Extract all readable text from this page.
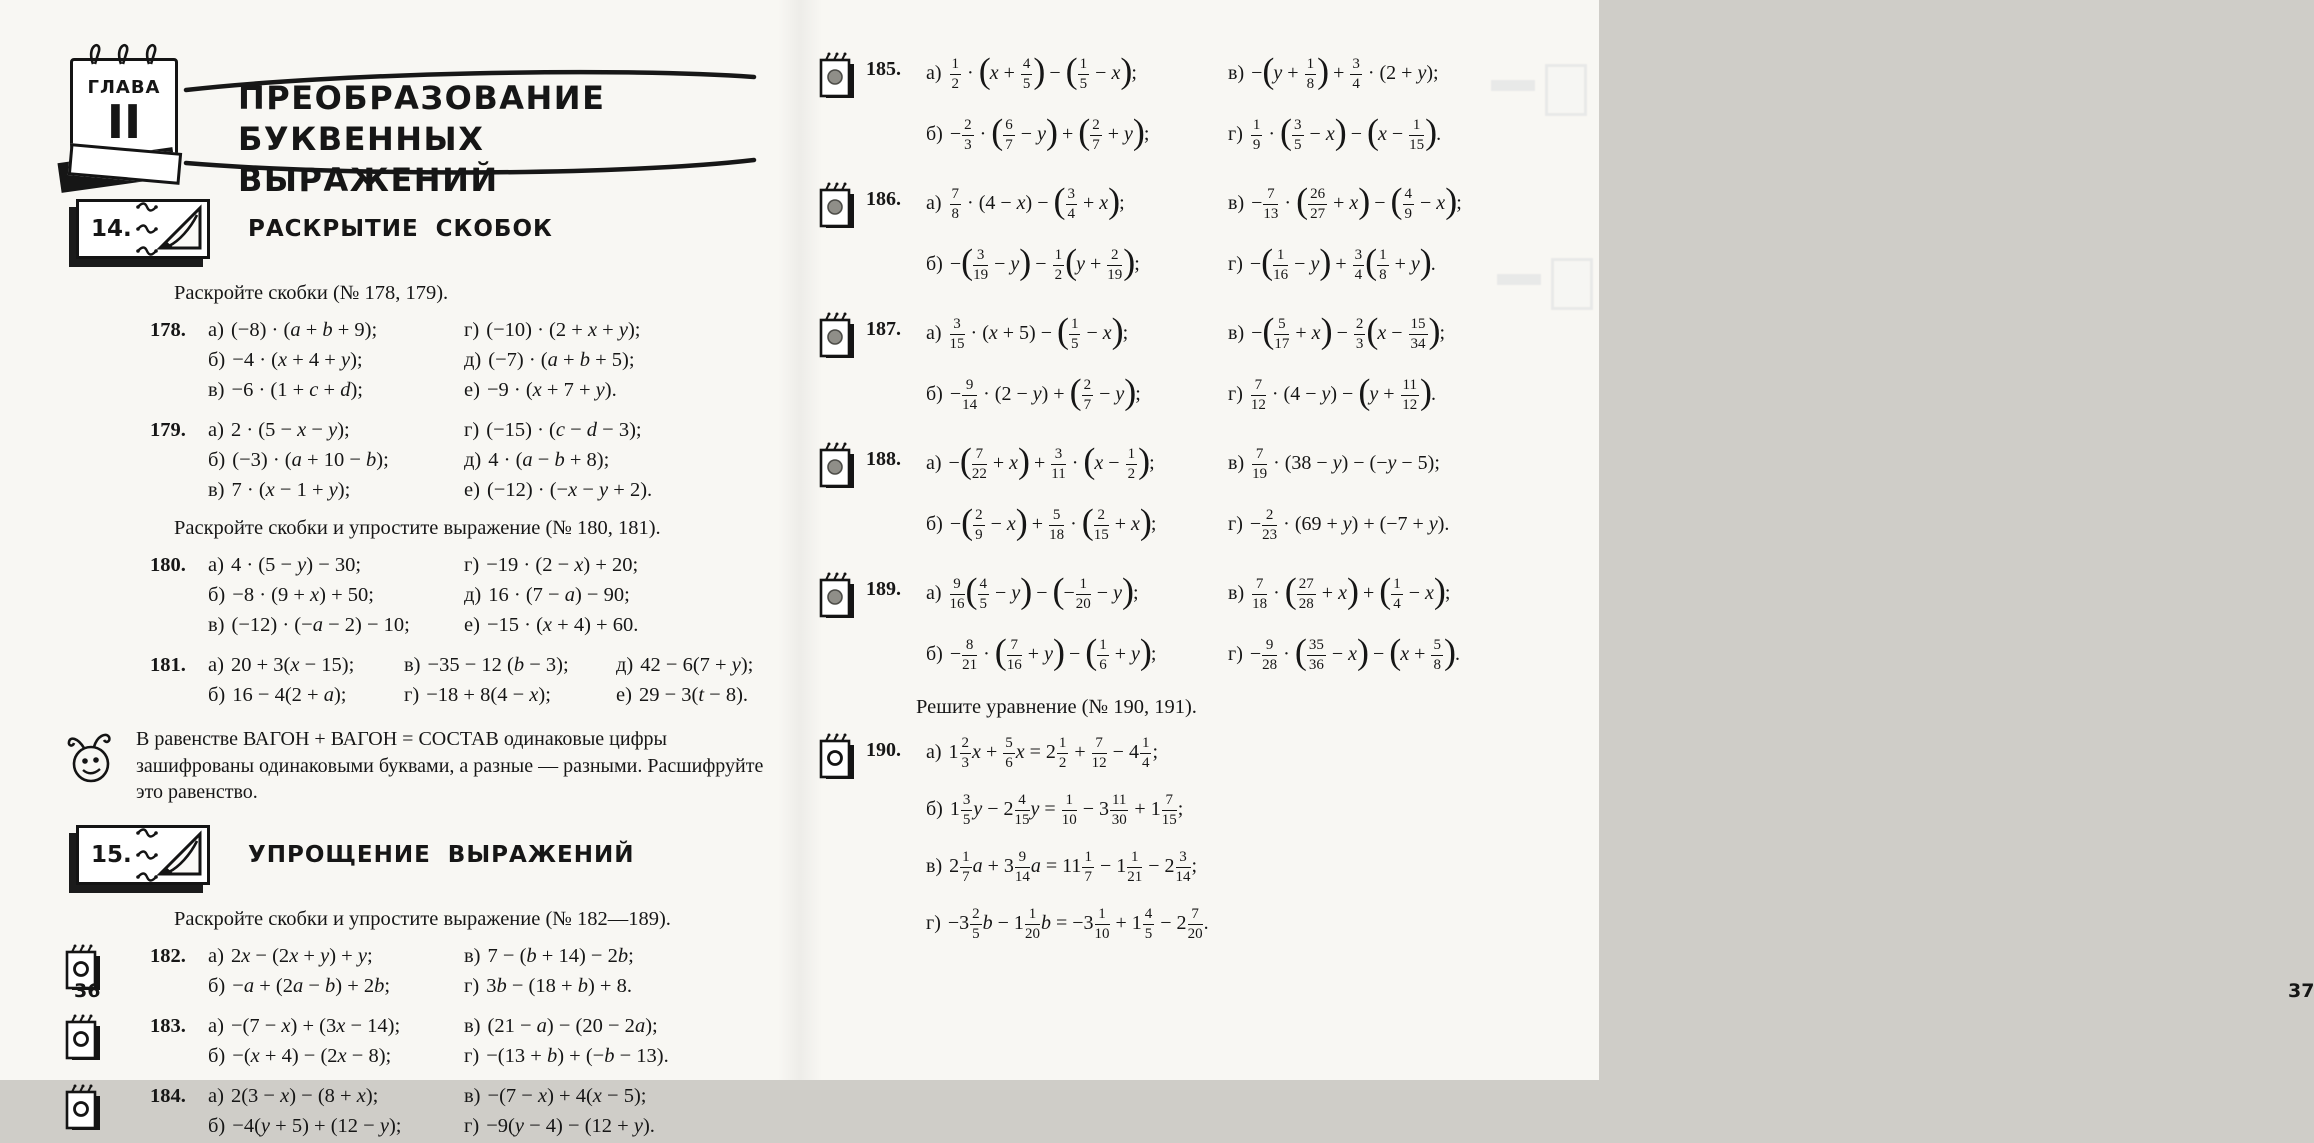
ГЛАВА
II	ПРЕОБРАЗОВАНИЕ
БУКВЕННЫХ ВЫРАЖЕНИЙ
14.	РАСКРЫТИЕ СКОБОК
Раскройте скобки (№ 178, 179).
178.	а) (−8) · (a + b + 9);	г) (−10) · (2 + x + y);
б) −4 · (x + 4 + y);	д) (−7) · (a + b + 5);
в) −6 · (1 + c + d);	е) −9 · (x + 7 + y).
179.	а) 2 · (5 − x − y);	г) (−15) · (c − d − 3);
б) (−3) · (a + 10 − b);	д) 4 · (a − b + 8);
в) 7 · (x − 1 + y);	е) (−12) · (−x − y + 2).
Раскройте скобки и упростите выражение (№ 180, 181).
180.	а) 4 · (5 − y) − 30;	г) −19 · (2 − x) + 20;
б) −8 · (9 + x) + 50;	д) 16 · (7 − a) − 90;
в) (−12) · (−a − 2) − 10;	е) −15 · (x + 4) + 60.
181.	а) 20 + 3(x − 15);	в) −35 − 12 (b − 3);	д) 42 − 6(7 + y);
б) 16 − 4(2 + a);	г) −18 + 8(4 − x);	е) 29 − 3(t − 8).
В равенстве ВАГОН + ВАГОН = СОСТАВ одинаковые цифры зашифрованы одинаковыми буквами, а разные — разными. Расшифруйте это равенство.
15.	УПРОЩЕНИЕ ВЫРАЖЕНИЙ
Раскройте скобки и упростите выражение (№ 182—189).
182.	а) 2x − (2x + y) + y;	в) 7 − (b + 14) − 2b;
б) −a + (2a − b) + 2b;	г) 3b − (18 + b) + 8.
183.	а) −(7 − x) + (3x − 14);	в) (21 − a) − (20 − 2a);
б) −(x + 4) − (2x − 8);	г) −(13 + b) + (−b − 13).
184.	а) 2(3 − x) − (8 + x);	в) −(7 − x) + 4(x − 5);
б) −4(y + 5) + (12 − y);	г) −9(y − 4) − (12 + y).
36
185.	$а) \frac{1}{2} \cdot (x + \frac{4}{5}$ ) − ( $\frac{1}{5} - x$);	$в) -(y + \frac{1}{8}$ ) + $\frac{3}{4} \cdot (2 + y)$;
$б) - \frac{2}{3}$ · ( $\frac{6}{7} - y$) + ( $\frac{2}{7} + y$);	$г) \frac{1}{9}$ · ( $\frac{3}{5} - x) - (x - \frac{1}{15}$ ).
186.	$а) \frac{7}{8} \cdot (4 - x)$ − ( $\frac{3}{4} + x$);	$в) - \frac{7}{13}$ · ( $\frac{26}{27} + x$) − ( $\frac{4}{9} - x$);
б) −( $\frac{3}{19} - y) - \frac{1}{2} (y + \frac{2}{19}$ );	г) −( $\frac{1}{16} - y) + \frac{3}{4}$ ( $\frac{1}{8} + y$).
187.	$а) \frac{3}{15} \cdot (x + 5)$ − ( $\frac{1}{5} - x$);	в) −( $\frac{5}{17} + x) - \frac{2}{3} (x - \frac{15}{34}$ );
$б) - \frac{9}{14} \cdot (2 - y)$ + ( $\frac{2}{7} - y$);	$г) \frac{7}{12} \cdot (4 - y) - (y + \frac{11}{12}$ ).
188.	а) −( $\frac{7}{22} + x) + \frac{3}{11} \cdot (x - \frac{1}{2}$ );	$в) \frac{7}{19} \cdot (38 - y) - (-y - 5)$;
б) −( $\frac{2}{9} - x) + \frac{5}{18}$ · ( $\frac{2}{15} + x$);	$г) - \frac{2}{23} \cdot (69 + y) + (-7 + y)$.
189.	$а) \frac{9}{16}$ ( $\frac{4}{5} - y$) − (− $\frac{1}{20} - y$);	$в) \frac{7}{18}$ · ( $\frac{27}{28} + x$) + ( $\frac{1}{4} - x$);
$б) - \frac{8}{21}$ · ( $\frac{7}{16} + y$) − ( $\frac{1}{6} + y$);	$г) - \frac{9}{28}$ · ( $\frac{35}{36} - x) - (x + \frac{5}{8}$ ).
Решите уравнение (№ 190, 191).
190.	а) $1 \frac{2}{3}$ $x + \frac{5}{6}$ $x = 2 \frac{1}{2} + \frac{7}{12} - 4 \frac{1}{4}$ ;
б) $1 \frac{3}{5}$ $y - 2 \frac{4}{15}$ $y = \frac{1}{10} - 3 \frac{11}{30} + 1 \frac{7}{15}$ ;
в) $2 \frac{1}{7}$ $a + 3 \frac{9}{14}$ $a = 11 \frac{1}{7} - 1 \frac{1}{21} - 2 \frac{3}{14}$ ;
$г) -3 \frac{2}{5}$ $b - 1 \frac{1}{20}$ $b = -3 \frac{1}{10} + 1 \frac{4}{5} - 2 \frac{7}{20}$ .
37
